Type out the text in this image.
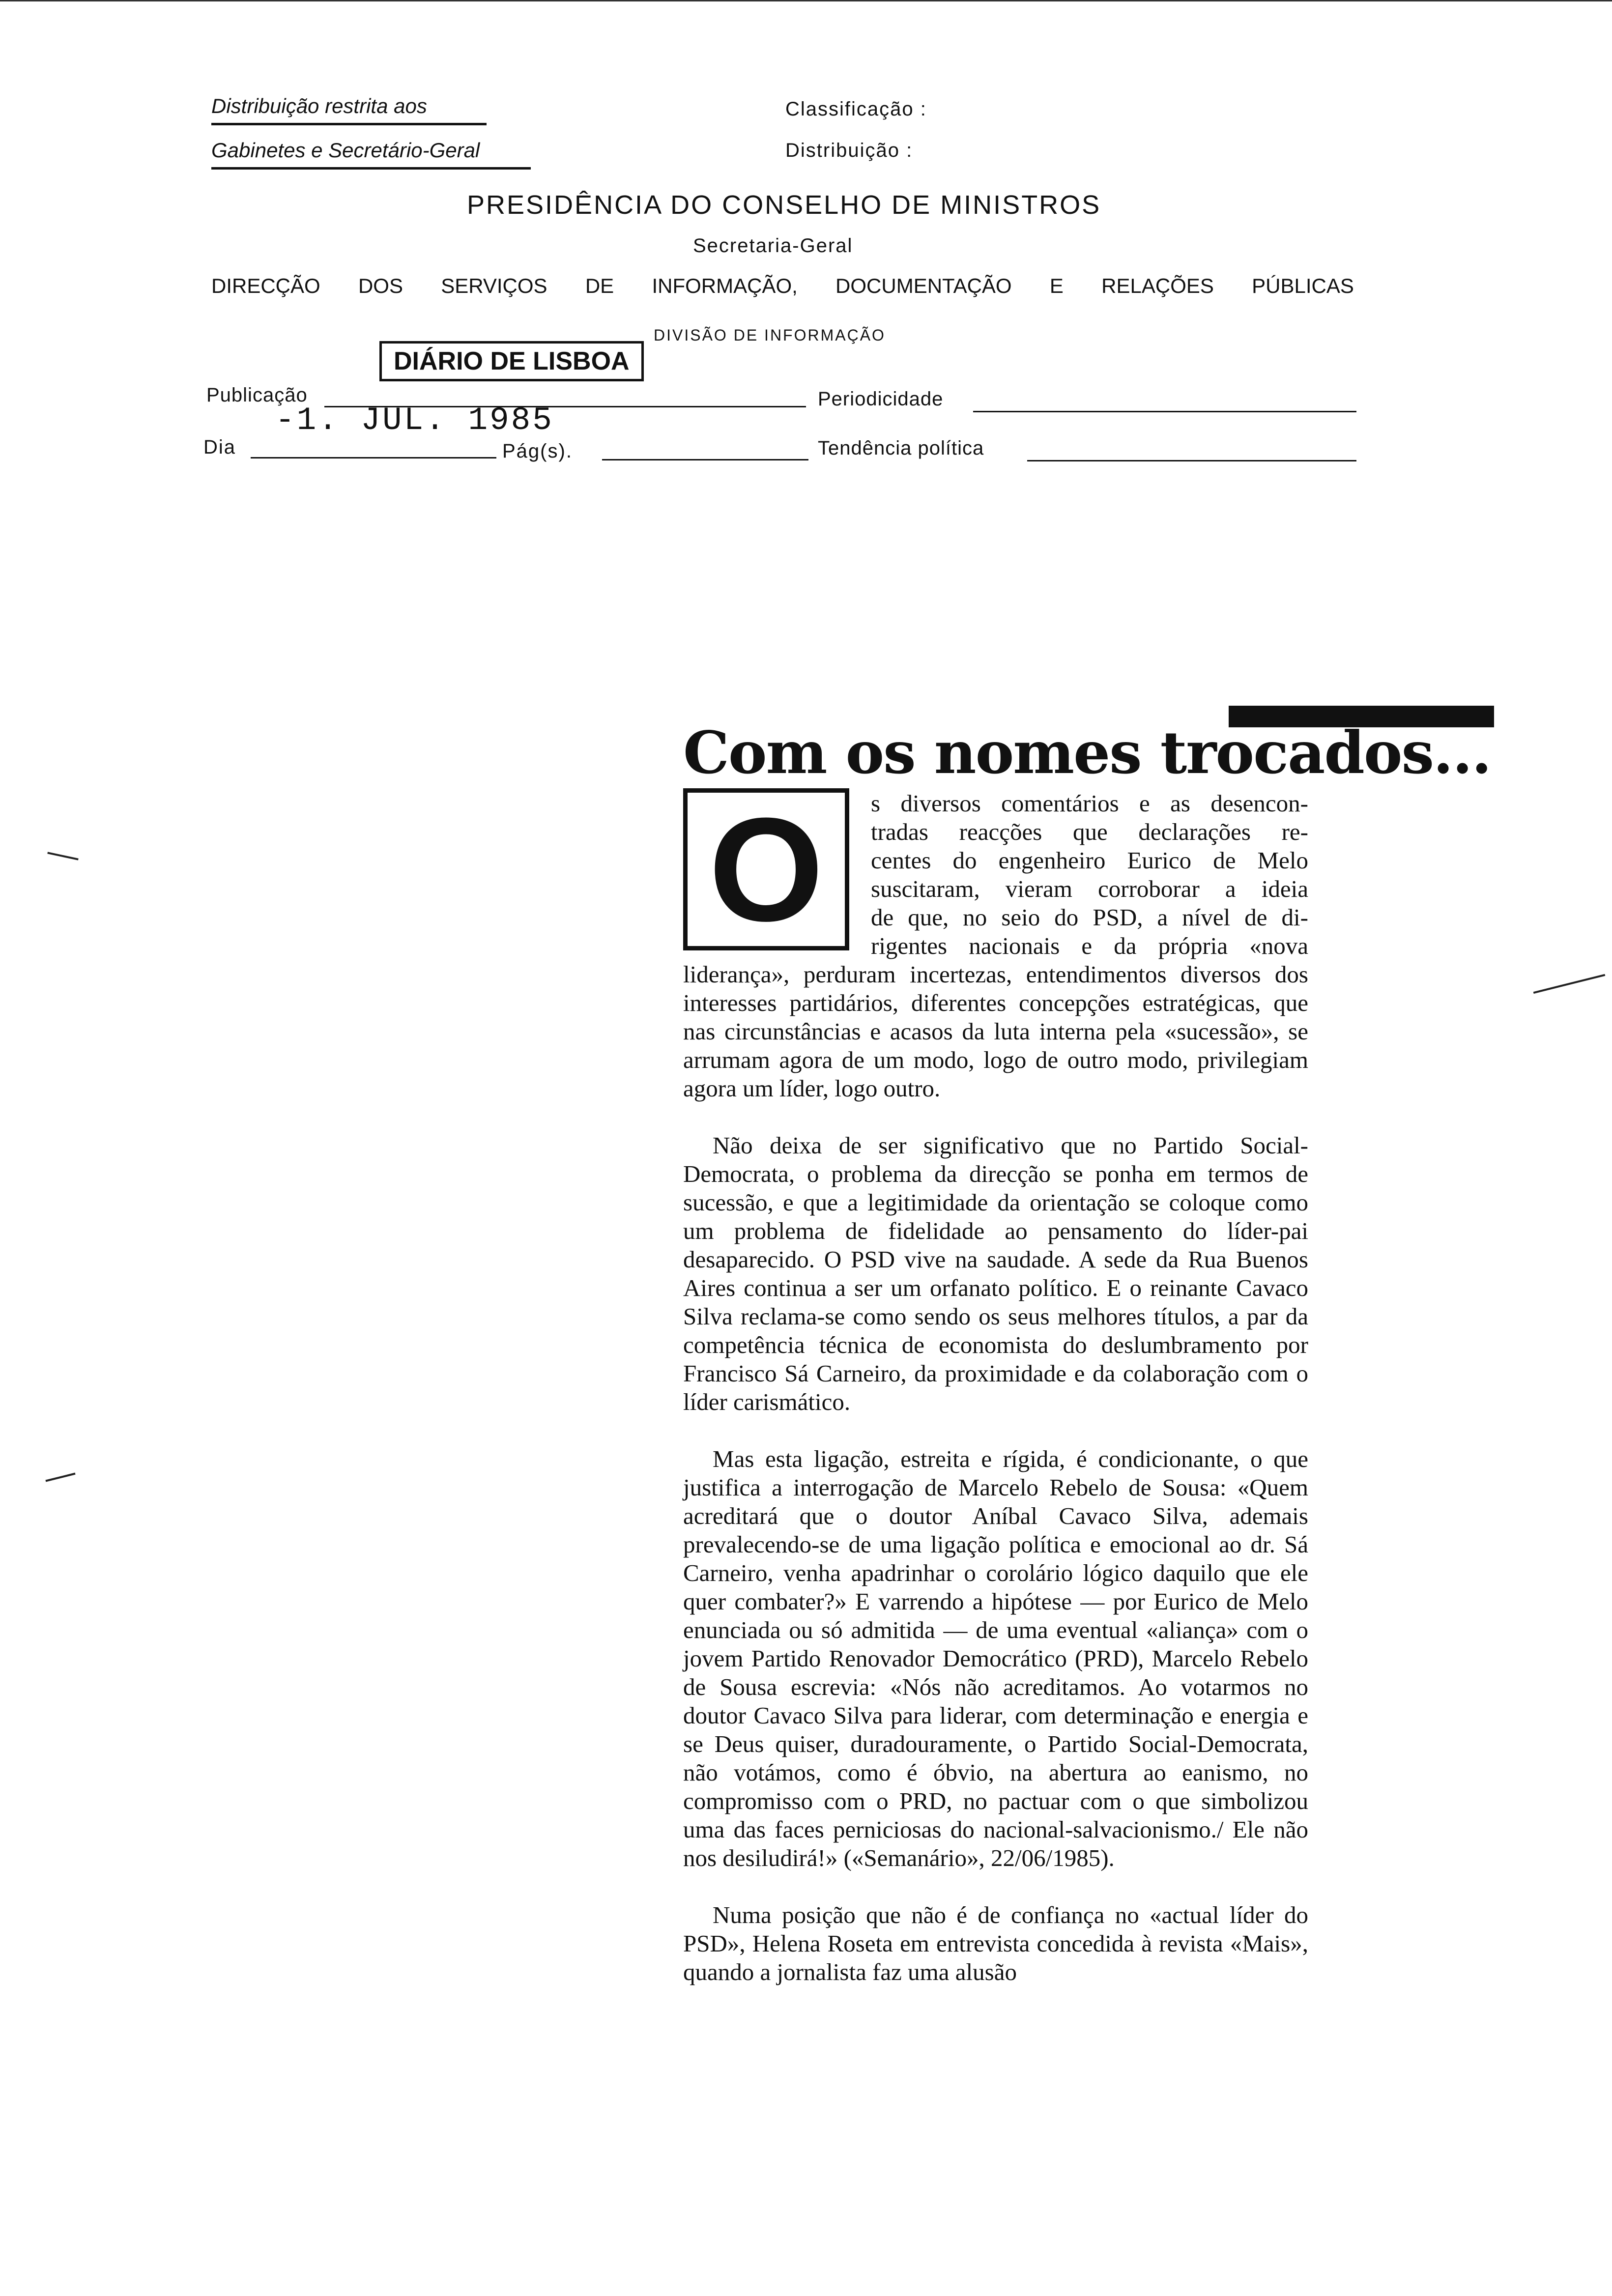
Distribuição restrita aos
Gabinetes e Secretário-Geral
Classificação :
Distribuição :
PRESIDÊNCIA DO CONSELHO DE MINISTROS
Secretaria-Geral
DIRECÇÃO DOS SERVIÇOS DE INFORMAÇÃO, DOCUMENTAÇÃO E RELAÇÕES PÚBLICAS
DIVISÃO DE INFORMAÇÃO
DIÁRIO DE LISBOA
Publicação	Periodicidade
-1. JUL. 1985
Dia	Pág(s).	Tendência política
Com os nomes trocados...
O s diversos comentários e as desencon-
tradas reacções que declarações re-
centes do engenheiro Eurico de Melo
suscitaram, vieram corroborar a ideia
de que, no seio do PSD, a nível de di-
rigentes nacionais e da própria «nova

liderança», perduram incertezas, entendimentos diversos dos interesses partidários, diferentes concepções estratégicas, que nas circunstâncias e acasos da luta interna pela «sucessão», se arrumam agora de um modo, logo de outro modo, privilegiam agora um líder, logo outro.

Não deixa de ser significativo que no Partido Social-Democrata, o problema da direcção se ponha em termos de sucessão, e que a legitimidade da orientação se coloque como um problema de fidelidade ao pensamento do líder-pai desaparecido. O PSD vive na saudade. A sede da Rua Buenos Aires continua a ser um orfanato político. E o reinante Cavaco Silva reclama-se como sendo os seus melhores títulos, a par da competência técnica de economista do deslumbramento por Francisco Sá Carneiro, da proximidade e da colaboração com o líder carismático.

Mas esta ligação, estreita e rígida, é condicionante, o que justifica a interrogação de Marcelo Rebelo de Sousa: «Quem acreditará que o doutor Aníbal Cavaco Silva, ademais prevalecendo-se de uma ligação política e emocional ao dr. Sá Carneiro, venha apadrinhar o corolário lógico daquilo que ele quer combater?» E varrendo a hipótese — por Eurico de Melo enunciada ou só admitida — de uma eventual «aliança» com o jovem Partido Renovador Democrático (PRD), Marcelo Rebelo de Sousa escrevia: «Nós não acreditamos. Ao votarmos no doutor Cavaco Silva para liderar, com determinação e energia e se Deus quiser, duradouramente, o Partido Social-Democrata, não votámos, como é óbvio, na abertura ao eanismo, no compromisso com o PRD, no pactuar com o que simbolizou uma das faces perniciosas do nacional-salvacionismo./ Ele não nos desiludirá!» («Semanário», 22/06/1985).

Numa posição que não é de confiança no «actual líder do PSD», Helena Roseta em entrevista concedida à revista «Mais», quando a jornalista faz uma alusão
